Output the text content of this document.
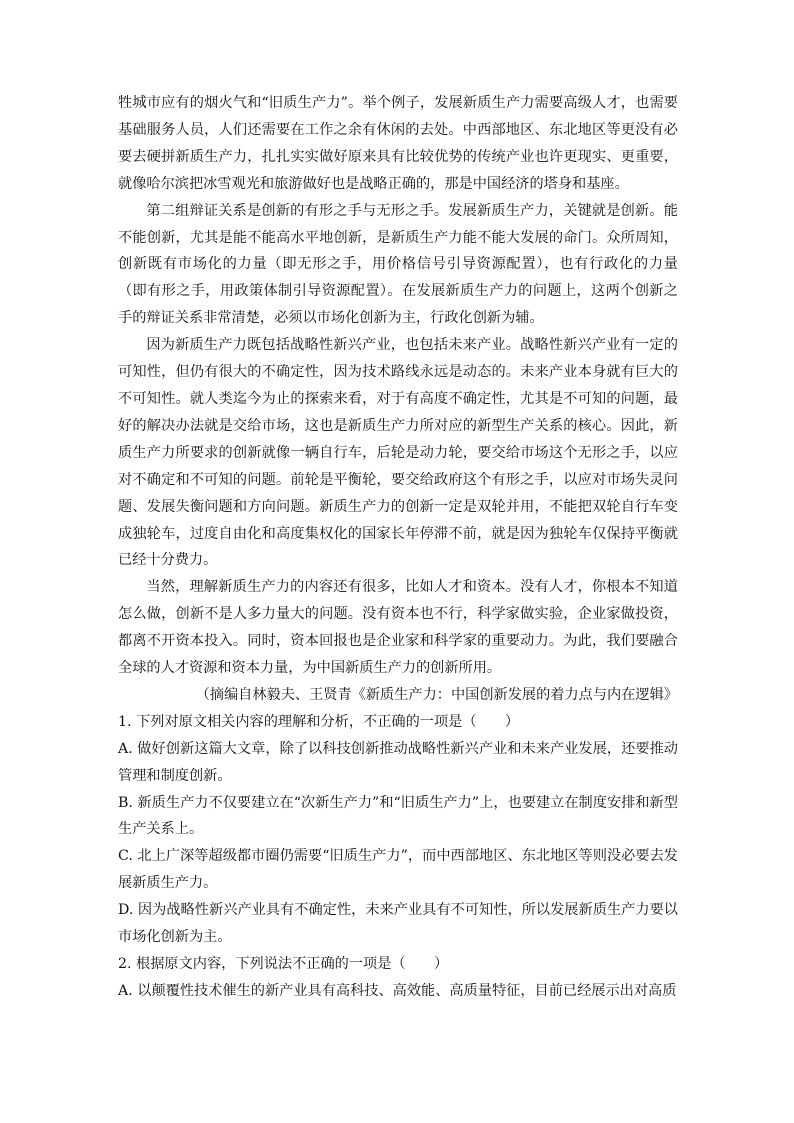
牲城市应有的烟火气和“旧质生产力”。举个例子，发展新质生产力需要高级人才，也需要基础服务人员，人们还需要在工作之余有休闲的去处。中西部地区、东北地区等更没有必要去硬拼新质生产力，扎扎实实做好原来具有比较优势的传统产业也许更现实、更重要，就像哈尔滨把冰雪观光和旅游做好也是战略正确的，那是中国经济的塔身和基座。

第二组辩证关系是创新的有形之手与无形之手。发展新质生产力，关键就是创新。能不能创新，尤其是能不能高水平地创新，是新质生产力能不能大发展的命门。众所周知，创新既有市场化的力量（即无形之手，用价格信号引导资源配置），也有行政化的力量（即有形之手，用政策体制引导资源配置）。在发展新质生产力的问题上，这两个创新之手的辩证关系非常清楚，必须以市场化创新为主，行政化创新为辅。

因为新质生产力既包括战略性新兴产业，也包括未来产业。战略性新兴产业有一定的可知性，但仍有很大的不确定性，因为技术路线永远是动态的。未来产业本身就有巨大的不可知性。就人类迄今为止的探索来看，对于有高度不确定性，尤其是不可知的问题，最好的解决办法就是交给市场，这也是新质生产力所对应的新型生产关系的核心。因此，新质生产力所要求的创新就像一辆自行车，后轮是动力轮，要交给市场这个无形之手，以应对不确定和不可知的问题。前轮是平衡轮，要交给政府这个有形之手，以应对市场失灵问题、发展失衡问题和方向问题。新质生产力的创新一定是双轮并用，不能把双轮自行车变成独轮车，过度自由化和高度集权化的国家长年停滞不前，就是因为独轮车仅保持平衡就已经十分费力。

当然，理解新质生产力的内容还有很多，比如人才和资本。没有人才，你根本不知道怎么做，创新不是人多力量大的问题。没有资本也不行，科学家做实验，企业家做投资，都离不开资本投入。同时，资本回报也是企业家和科学家的重要动力。为此，我们要融合全球的人才资源和资本力量，为中国新质生产力的创新所用。

（摘编自林毅夫、王贤青《新质生产力：中国创新发展的着力点与内在逻辑》

1. 下列对原文相关内容的理解和分析，不正确的一项是（　　）

A. 做好创新这篇大文章，除了以科技创新推动战略性新兴产业和未来产业发展，还要推动管理和制度创新。

B. 新质生产力不仅要建立在“次新生产力”和“旧质生产力”上，也要建立在制度安排和新型生产关系上。

C. 北上广深等超级都市圈仍需要“旧质生产力”，而中西部地区、东北地区等则没必要去发展新质生产力。

D. 因为战略性新兴产业具有不确定性，未来产业具有不可知性，所以发展新质生产力要以市场化创新为主。

2. 根据原文内容，下列说法不正确的一项是（　　）

A. 以颠覆性技术催生的新产业具有高科技、高效能、高质量特征，目前已经展示出对高质
